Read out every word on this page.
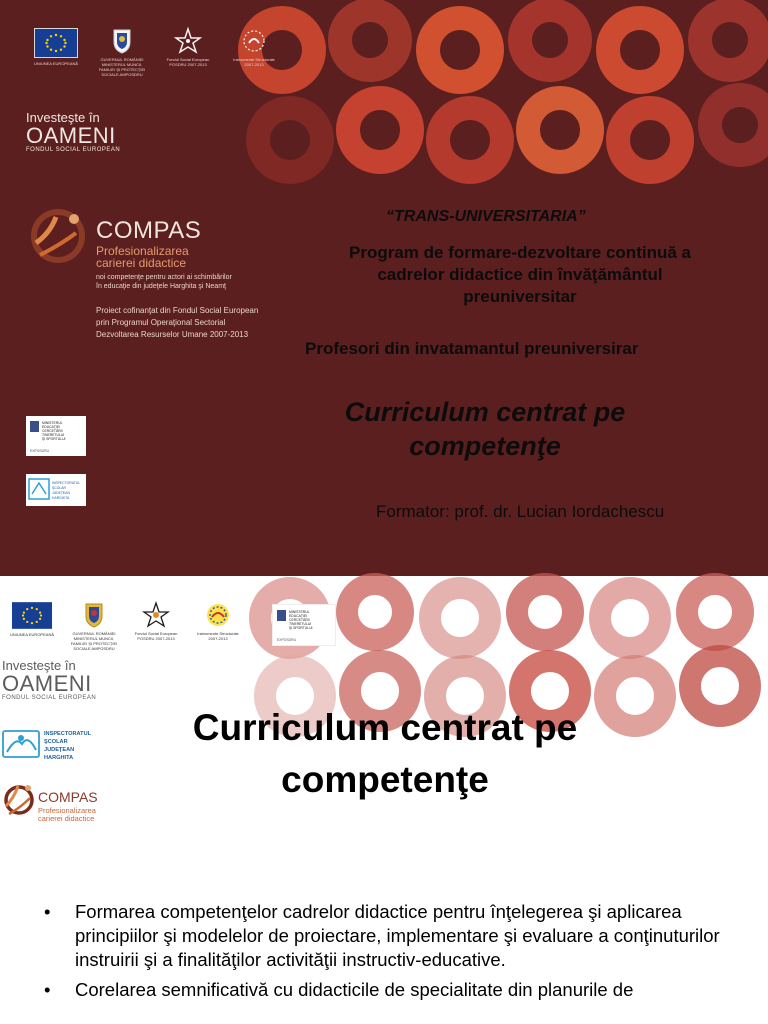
UNIUNEA EUROPEANĂ
GUVERNUL ROMÂNIEI MINISTERUL MUNCII, FAMILIEI ŞI PROTECŢIEI SOCIALE AMPOSDRU
Fondul Social European POSDRU 2007-2013
Instrumente Structurale 2007-2013
Investeşte în
OAMENI
FONDUL SOCIAL EUROPEAN
COMPAS
Profesionalizarea
carierei didactice
noi competenţe pentru actori ai schimbărilor
în educaţie din judeţele Harghita şi Neamţ
Proiect cofinanţat din Fondul Social European
prin Programul Operaţional Sectorial
Dezvoltarea Resurselor Umane 2007-2013
MINISTERUL
EDUCAŢIEI
CERCETĂRII
TINERETULUI
ŞI SPORTULUI
EXPOSDRU
INSPECTORATUL
ŞCOLAR
JUDEŢEAN
HARGHITA
“TRANS-UNIVERSITARIA”
Program de formare-dezvoltare continuă a
cadrelor didactice din învăţământul
preuniversitar
Profesori din invatamantul preuniversirar
Curriculum centrat pe
competenţe
Formator: prof. dr. Lucian Iordachescu
UNIUNEA EUROPEANĂ	GUVERNUL ROMÂNIEI MINISTERUL MUNCII, FAMILIEI ŞI PROTECŢIEI SOCIALE AMPOSDRU
Fondul Social European POSDRU 2007-2013
Instrumente Structurale 2007-2013
MINISTERUL
EDUCAŢIEI
CERCETĂRII
TINERETULUI
ŞI SPORTULUI
EXPOSDRU
Investeşte în
OAMENI
FONDUL SOCIAL EUROPEAN
INSPECTORATUL
ŞCOLAR
JUDEŢEAN
HARGHITA
COMPAS
Profesionalizarea
carierei didactice
Curriculum centrat pe
competenţe
• Formarea competenţelor cadrelor didactice pentru înţelegerea şi aplicarea principiilor şi modelelor de proiectare, implementare şi evaluare a conţinuturilor instruirii şi a finalităţilor activităţii instructiv-educative.
• Corelarea semnificativă cu didacticile de specialitate din planurile de
